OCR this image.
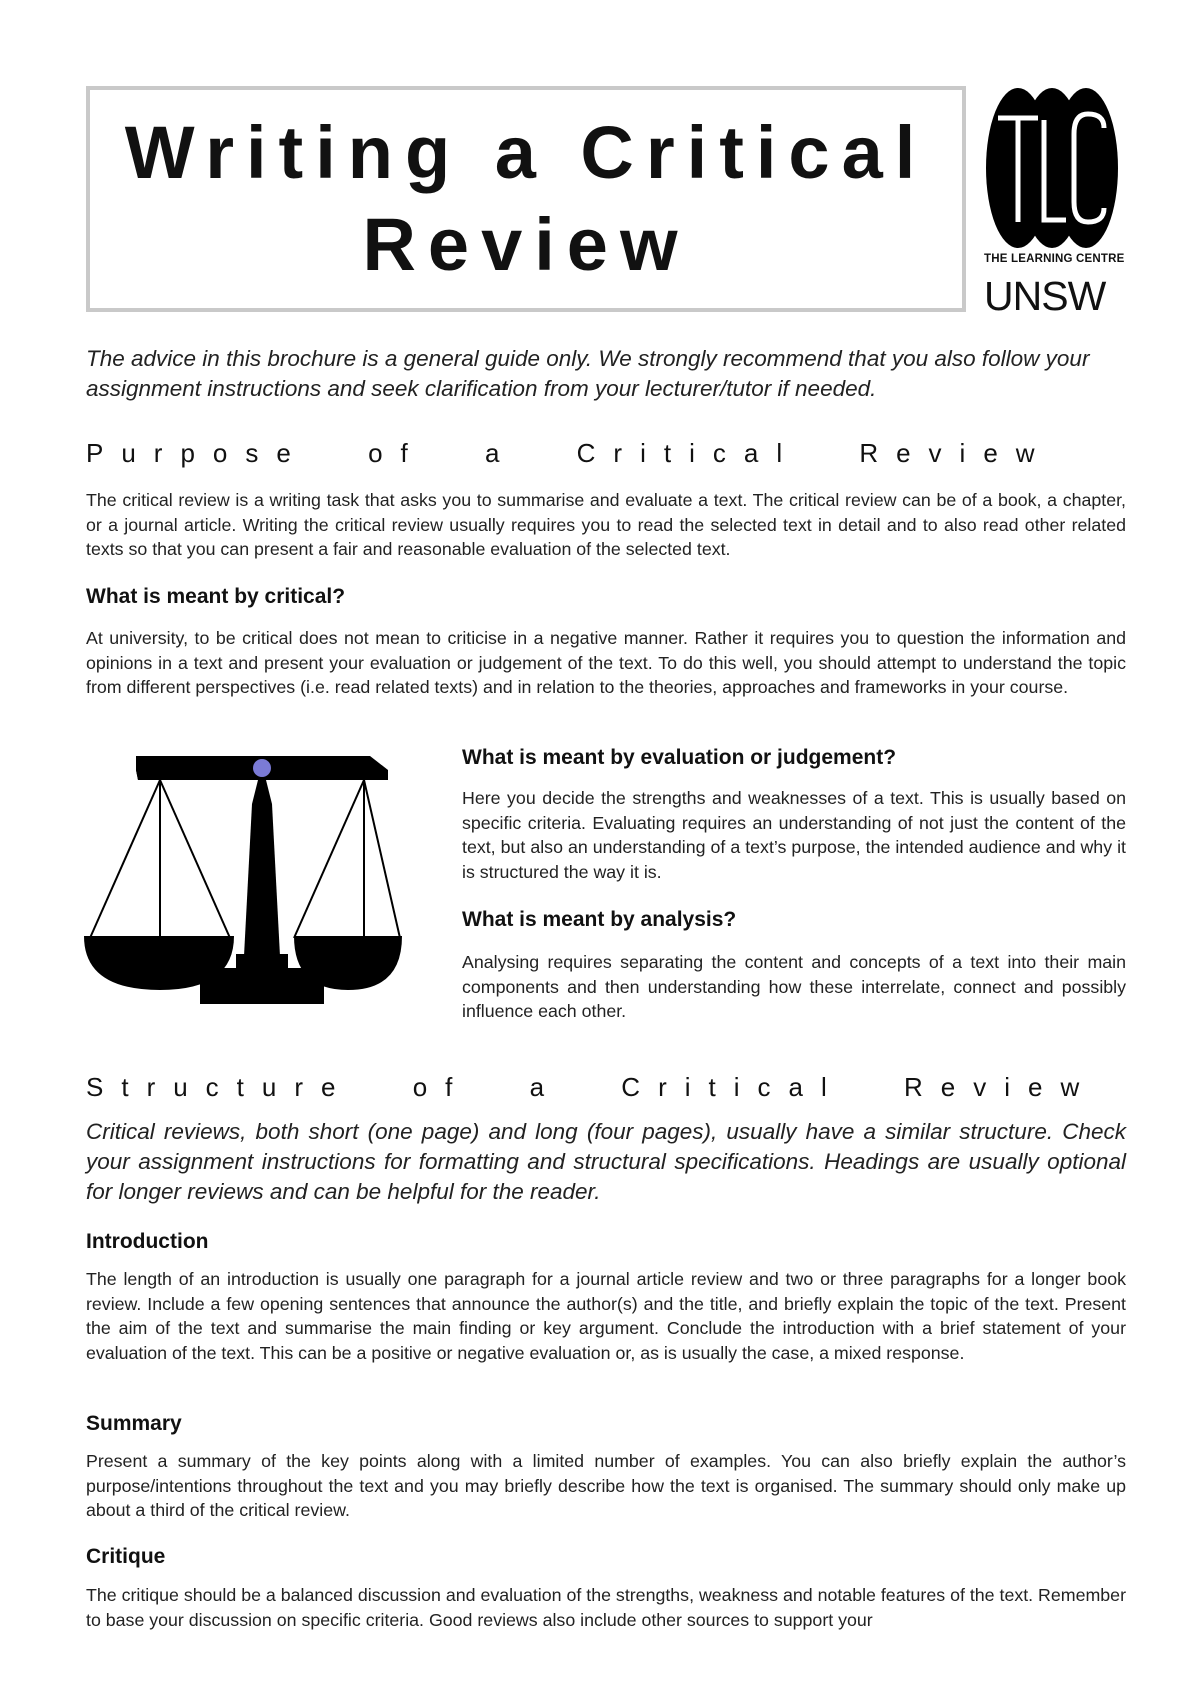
Writing a Critical
Review	THE LEARNING CENTRE
UNSW
The advice in this brochure is a general guide only. We strongly recommend that you also follow your assignment instructions and seek clarification from your lecturer/tutor if needed.
Purpose of a Critical Review
The critical review is a writing task that asks you to summarise and evaluate a text. The critical review can be of a book, a chapter, or a journal article. Writing the critical review usually requires you to read the selected text in detail and to also read other related texts so that you can present a fair and reasonable evaluation of the selected text.
What is meant by critical?
At university, to be critical does not mean to criticise in a negative manner. Rather it requires you to question the information and opinions in a text and present your evaluation or judgement of the text. To do this well, you should attempt to understand the topic from different perspectives (i.e. read related texts) and in relation to the theories, approaches and frameworks in your course.
What is meant by evaluation or judgement?
Here you decide the strengths and weaknesses of a text. This is usually based on specific criteria. Evaluating requires an understanding of not just the content of the text, but also an understanding of a text’s purpose, the intended audience and why it is structured the way it is.
What is meant by analysis?
Analysing requires separating the content and concepts of a text into their main components and then understanding how these interrelate, connect and possibly influence each other.
Structure of a Critical Review
Critical reviews, both short (one page) and long (four pages), usually have a similar structure. Check your assignment instructions for formatting and structural specifications. Headings are usually optional for longer reviews and can be helpful for the reader.
Introduction
The length of an introduction is usually one paragraph for a journal article review and two or three paragraphs for a longer book review. Include a few opening sentences that announce the author(s) and the title, and briefly explain the topic of the text. Present the aim of the text and summarise the main finding or key argument. Conclude the introduction with a brief statement of your evaluation of the text. This can be a positive or negative evaluation or, as is usually the case, a mixed response.
Summary
Present a summary of the key points along with a limited number of examples. You can also briefly explain the author’s purpose/intentions throughout the text and you may briefly describe how the text is organised. The summary should only make up about a third of the critical review.
Critique
The critique should be a balanced discussion and evaluation of the strengths, weakness and notable features of the text. Remember to base your discussion on specific criteria. Good reviews also include other sources to support your
